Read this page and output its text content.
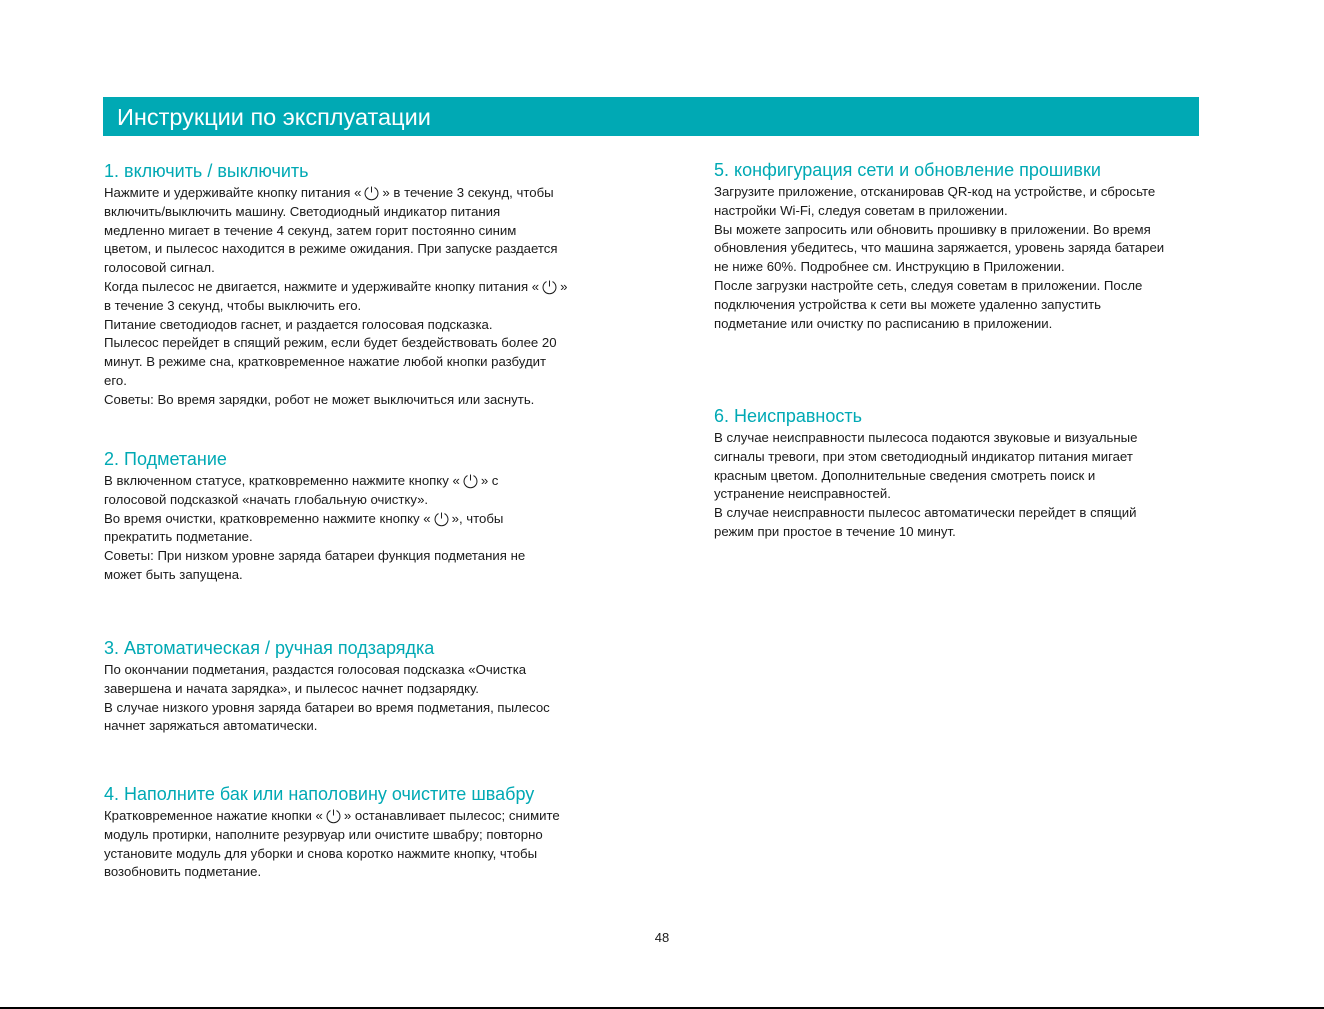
Инструкции по эксплуатации
1. включить / выключить
Нажмите и удерживайте кнопку питания « » в течение 3 секунд, чтобы
включить/выключить машину. Светодиодный индикатор питания
медленно мигает в течение 4 секунд, затем горит постоянно синим
цветом, и пылесос находится в режиме ожидания. При запуске раздается
голосовой сигнал.
Когда пылесос не двигается, нажмите и удерживайте кнопку питания « »
в течение 3 секунд, чтобы выключить его.
Питание светодиодов гаснет, и раздается голосовая подсказка.
Пылесос перейдет в спящий режим, если будет бездействовать более 20
минут. В режиме сна, кратковременное нажатие любой кнопки разбудит
его.
Советы: Во время зарядки, робот не может выключиться или заснуть.
2. Подметание
В включенном статусе, кратковременно нажмите кнопку « » с
голосовой подсказкой «начать глобальную очистку».
Во время очистки, кратковременно нажмите кнопку « », чтобы
прекратить подметание.
Советы: При низком уровне заряда батареи функция подметания не
может быть запущена.
3. Автоматическая / ручная подзарядка
По окончании подметания, раздастся голосовая подсказка «Очистка
завершена и начата зарядка», и пылесос начнет подзарядку.
В случае низкого уровня заряда батареи во время подметания, пылесос
начнет заряжаться автоматически.
4. Наполните бак или наполовину очистите швабру
Кратковременное нажатие кнопки « » останавливает пылесос; снимите
модуль протирки, наполните резурвуар или очистите швабру; повторно
установите модуль для уборки и снова коротко нажмите кнопку, чтобы
возобновить подметание.
5. конфигурация сети и обновление прошивки
Загрузите приложение, отсканировав QR-код на устройстве, и сбросьте
настройки Wi-Fi, следуя советам в приложении.
Вы можете запросить или обновить прошивку в приложении. Во время
обновления убедитесь, что машина заряжается, уровень заряда батареи
не ниже 60%. Подробнее см. Инструкцию в Приложении.
После загрузки настройте сеть, следуя советам в приложении. После
подключения устройства к сети вы можете удаленно запустить
подметание или очистку по расписанию в приложении.
6. Неисправность
В случае неисправности пылесоса подаются звуковые и визуальные
сигналы тревоги, при этом светодиодный индикатор питания мигает
красным цветом. Дополнительные сведения смотреть поиск и
устранение неисправностей.
В случае неисправности пылесос автоматически перейдет в спящий
режим при простое в течение 10 минут.
48
